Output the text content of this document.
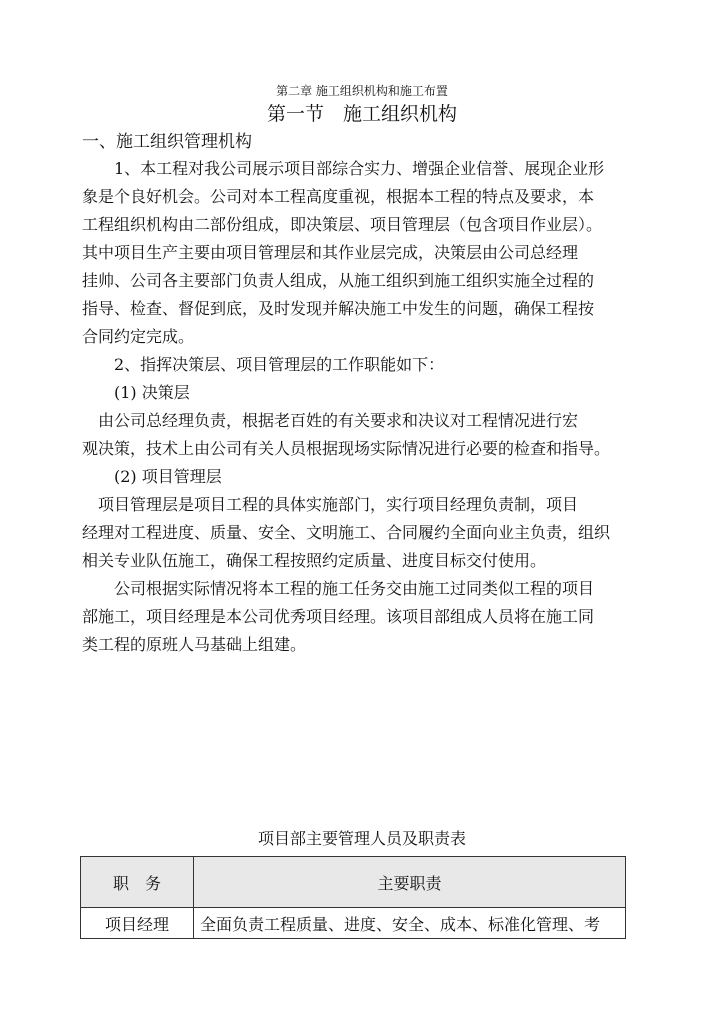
第二章 施工组织机构和施工布置
第一节　施工组织机构
一、施工组织管理机构

　　1、本工程对我公司展示项目部综合实力、增强企业信誉、展现企业形

象是个良好机会。公司对本工程高度重视，根据本工程的特点及要求，本

工程组织机构由二部份组成，即决策层、项目管理层（包含项目作业层）。

其中项目生产主要由项目管理层和其作业层完成，决策层由公司总经理

挂帅、公司各主要部门负责人组成，从施工组织到施工组织实施全过程的

指导、检查、督促到底，及时发现并解决施工中发生的问题，确保工程按

合同约定完成。

　　2、指挥决策层、项目管理层的工作职能如下：

　　(1) 决策层

　由公司总经理负责，根据老百姓的有关要求和决议对工程情况进行宏

观决策，技术上由公司有关人员根据现场实际情况进行必要的检查和指导。

　　(2) 项目管理层

　项目管理层是项目工程的具体实施部门，实行项目经理负责制，项目

经理对工程进度、质量、安全、文明施工、合同履约全面向业主负责，组织

相关专业队伍施工，确保工程按照约定质量、进度目标交付使用。

　　公司根据实际情况将本工程的施工任务交由施工过同类似工程的项目

部施工，项目经理是本公司优秀项目经理。该项目部组成人员将在施工同

类工程的原班人马基础上组建。

项目部主要管理人员及职责表
职　务	主要职责
项目经理	全面负责工程质量、进度、安全、成本、标准化管理、考
